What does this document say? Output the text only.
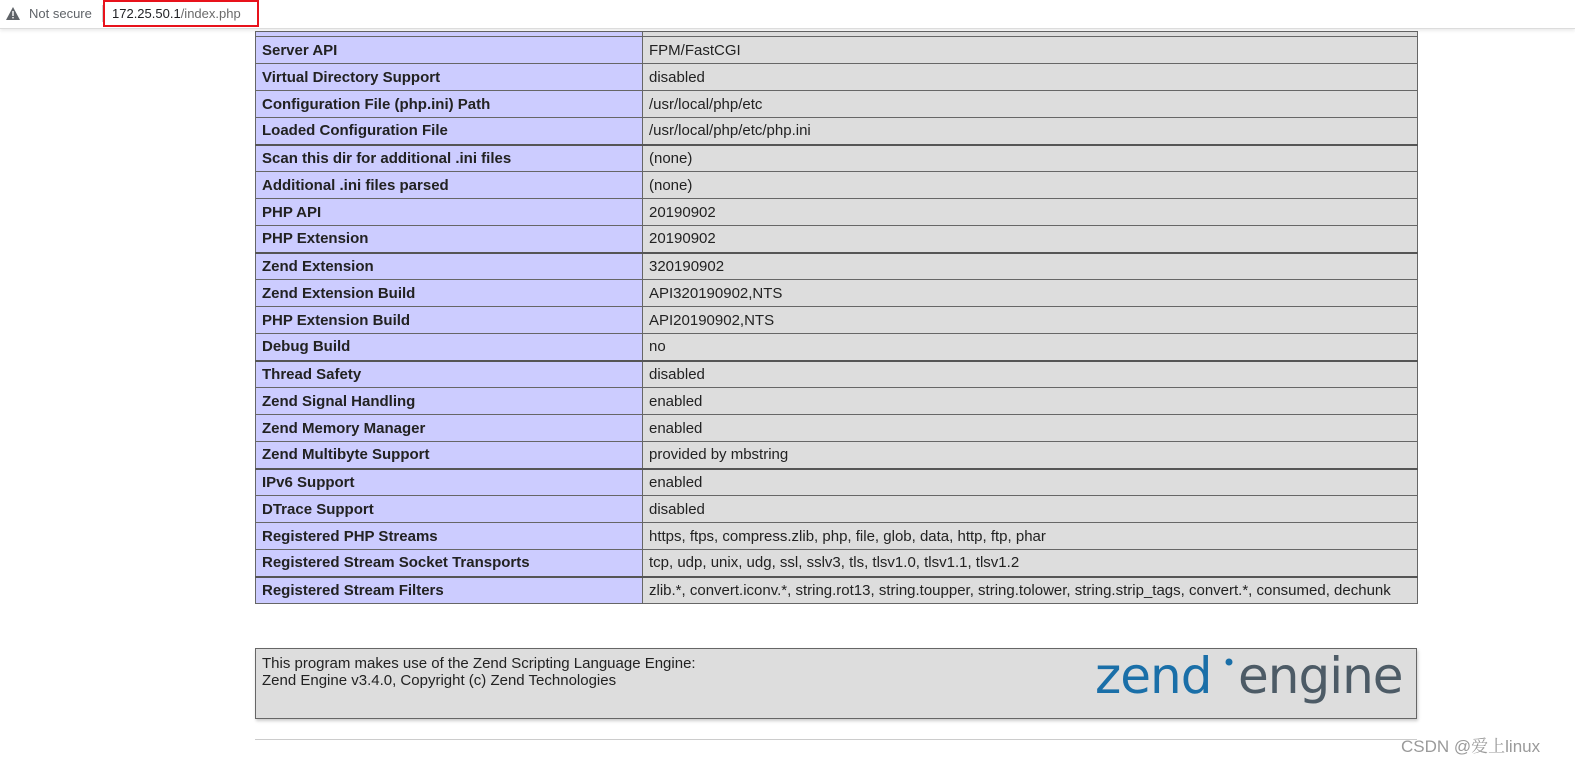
Not secure 172.25.50.1/index.php

Server API	FPM/FastCGI
Virtual Directory Support	disabled
Configuration File (php.ini) Path	/usr/local/php/etc
Loaded Configuration File	/usr/local/php/etc/php.ini
Scan this dir for additional .ini files	(none)
Additional .ini files parsed	(none)
PHP API	20190902
PHP Extension	20190902
Zend Extension	320190902
Zend Extension Build	API320190902,NTS
PHP Extension Build	API20190902,NTS
Debug Build	no
Thread Safety	disabled
Zend Signal Handling	enabled
Zend Memory Manager	enabled
Zend Multibyte Support	provided by mbstring
IPv6 Support	enabled
DTrace Support	disabled
Registered PHP Streams	https, ftps, compress.zlib, php, file, glob, data, http, ftp, phar
Registered Stream Socket Transports	tcp, udp, unix, udg, ssl, sslv3, tls, tlsv1.0, tlsv1.1, tlsv1.2
Registered Stream Filters	zlib.*, convert.iconv.*, string.rot13, string.toupper, string.tolower, string.strip_tags, convert.*, consumed, dechunk
This program makes use of the Zend Scripting Language Engine:
Zend Engine v3.4.0, Copyright (c) Zend Technologies	zend engine
CSDN @爱上linux
